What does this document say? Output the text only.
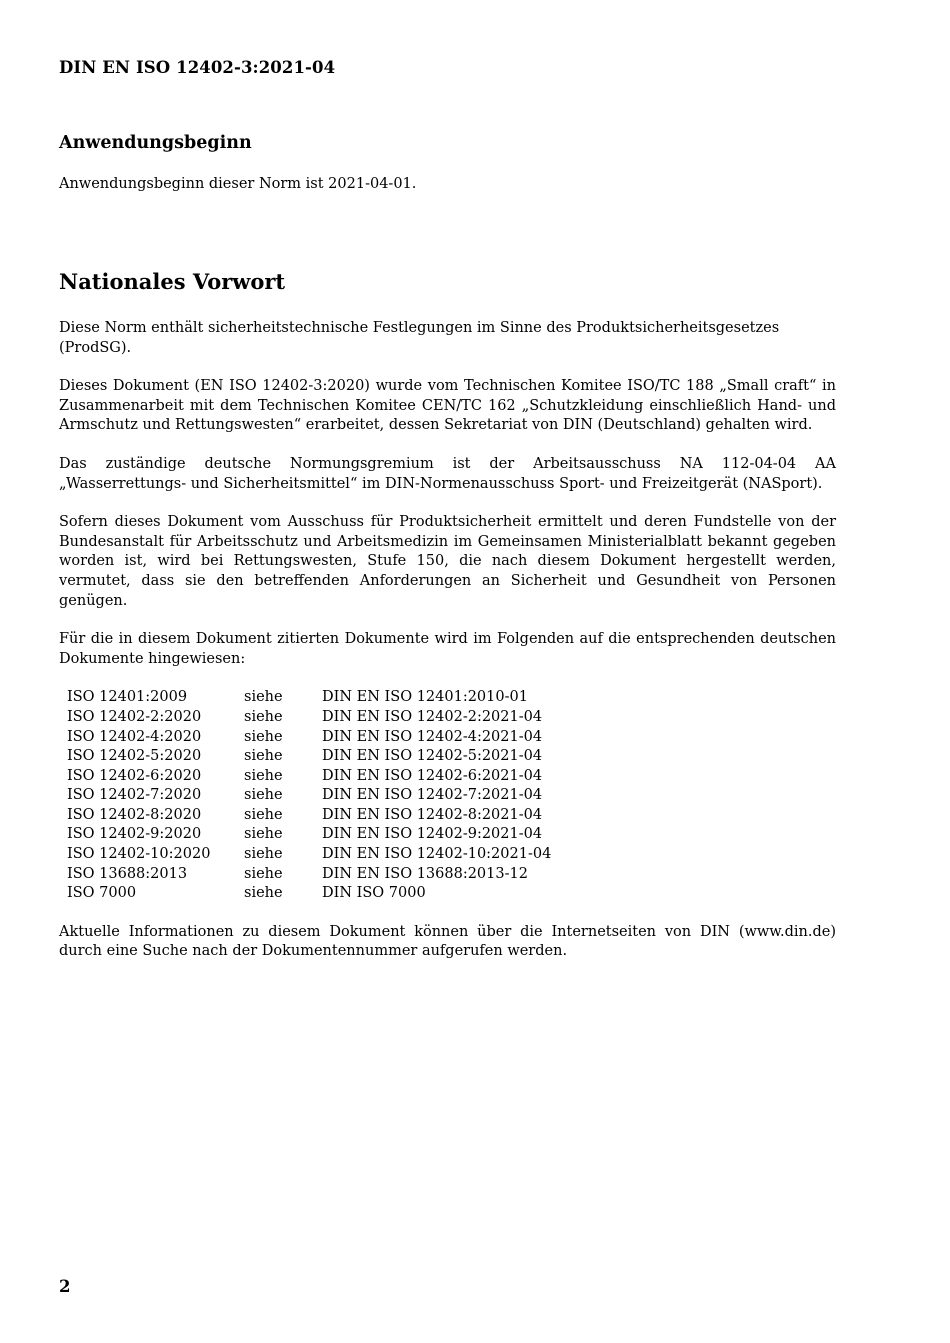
DIN EN ISO 12402-3:2021-04
Anwendungsbeginn
Anwendungsbeginn dieser Norm ist 2021-04-01.
Nationales Vorwort

Diese Norm enthält sicherheitstechnische Festlegungen im Sinne des Produktsicherheitsgesetzes (ProdSG).

Dieses Dokument (EN ISO 12402-3:2020) wurde vom Technischen Komitee ISO/TC 188 „Small craft“ in Zusammenarbeit mit dem Technischen Komitee CEN/TC 162 „Schutzkleidung einschließlich Hand- und Armschutz und Rettungswesten“ erarbeitet, dessen Sekretariat von DIN (Deutschland) gehalten wird.

Das zuständige deutsche Normungsgremium ist der Arbeitsausschuss NA 112-04-04 AA „Wasserrettungs- und Sicherheitsmittel“ im DIN-Normenausschuss Sport- und Freizeitgerät (NASport).

Sofern dieses Dokument vom Ausschuss für Produktsicherheit ermittelt und deren Fundstelle von der Bundesanstalt für Arbeitsschutz und Arbeitsmedizin im Gemeinsamen Ministerialblatt bekannt gegeben worden ist, wird bei Rettungswesten, Stufe 150, die nach diesem Dokument hergestellt werden, vermutet, dass sie den betreffenden Anforderungen an Sicherheit und Gesundheit von Personen genügen.

Für die in diesem Dokument zitierten Dokumente wird im Folgenden auf die entsprechenden deutschen Dokumente hingewiesen:

ISO 12401:2009	siehe	DIN EN ISO 12401:2010-01
ISO 12402-2:2020	siehe	DIN EN ISO 12402-2:2021-04
ISO 12402-4:2020	siehe	DIN EN ISO 12402-4:2021-04
ISO 12402-5:2020	siehe	DIN EN ISO 12402-5:2021-04
ISO 12402-6:2020	siehe	DIN EN ISO 12402-6:2021-04
ISO 12402-7:2020	siehe	DIN EN ISO 12402-7:2021-04
ISO 12402-8:2020	siehe	DIN EN ISO 12402-8:2021-04
ISO 12402-9:2020	siehe	DIN EN ISO 12402-9:2021-04
ISO 12402-10:2020	siehe	DIN EN ISO 12402-10:2021-04
ISO 13688:2013	siehe	DIN EN ISO 13688:2013-12
ISO 7000	siehe	DIN ISO 7000

Aktuelle Informationen zu diesem Dokument können über die Internetseiten von DIN (www.din.de) durch eine Suche nach der Dokumentennummer aufgerufen werden.

2
